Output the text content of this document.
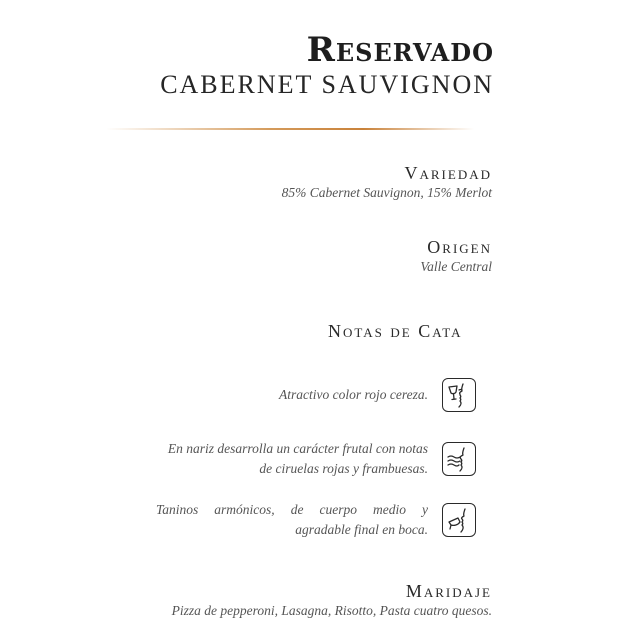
Reservado
CABERNET SAUVIGNON
Variedad
85% Cabernet Sauvignon, 15% Merlot
Origen
Valle Central
Notas de Cata
Atractivo color rojo cereza.
En nariz desarrolla un carácter frutal con notas
de ciruelas rojas y frambuesas.
Taninos armónicos, de cuerpo medio y
agradable final en boca.
Maridaje
Pizza de pepperoni, Lasagna, Risotto, Pasta cuatro quesos.
